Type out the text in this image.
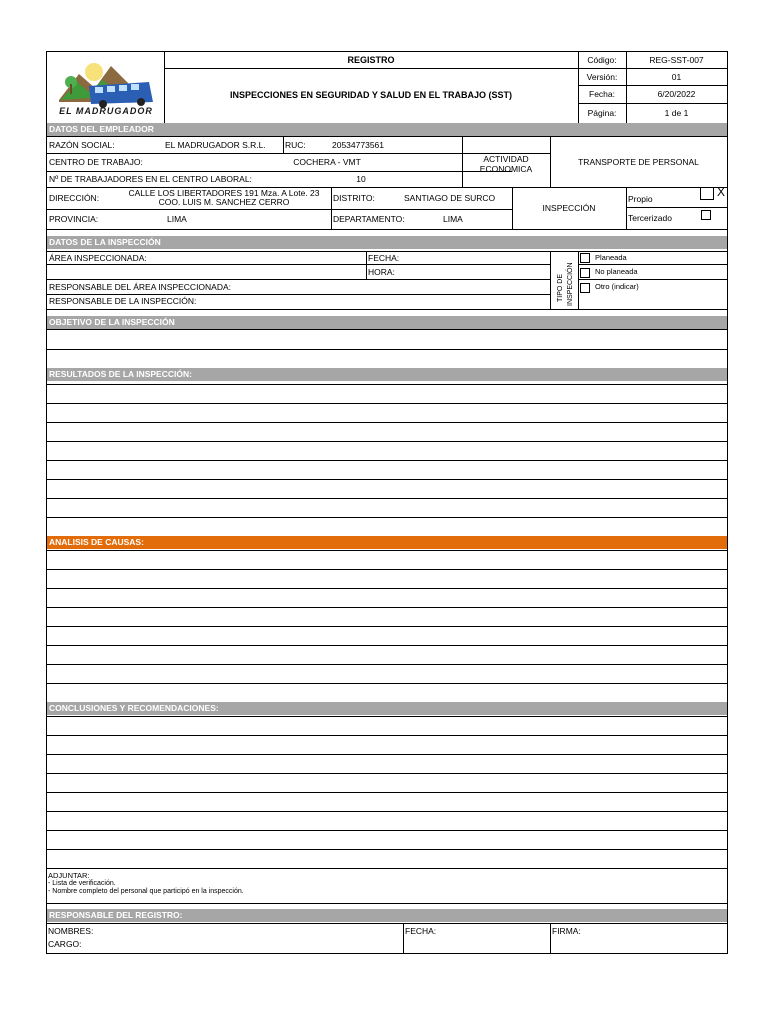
EL MADRUGADOR
REGISTRO
INSPECCIONES EN SEGURIDAD Y SALUD EN EL TRABAJO (SST)
Código:	REG-SST-007
Versión:	01
Fecha:	6/20/2022
Página:	1 de 1
DATOS DEL EMPLEADOR
RAZÓN SOCIAL:	EL MADRUGADOR S.R.L. RUC:	20534773561
ACTIVIDAD ECONOMICA
TRANSPORTE DE PERSONAL
CENTRO DE TRABAJO:	COCHERA - VMT
Nº DE TRABAJADORES EN EL CENTRO LABORAL:	10
DIRECCIÓN:	CALLE LOS LIBERTADORES 191 Mza. A Lote. 23
COO. LUIS M. SANCHEZ CERRO	DISTRITO:	SANTIAGO DE SURCO
INSPECCIÓN
Propio	X
Tercerizado
PROVINCIA:	LIMA	DEPARTAMENTO:	LIMA
DATOS DE LA INSPECCIÓN
ÁREA INSPECCIONADA:	FECHA:
HORA:
RESPONSABLE DEL ÁREA INSPECCIONADA:
RESPONSABLE DE LA INSPECCIÓN:	TIPO DE INSPECCIÓN
Planeada
No planeada
Otro (indicar)
OBJETIVO DE LA INSPECCIÓN
RESULTADOS DE LA INSPECCIÓN:
ANALISIS DE CAUSAS:
CONCLUSIONES Y RECOMENDACIONES:
ADJUNTAR:
- Lista de verificación.
- Nombre completo del personal que participó en la inspección.
RESPONSABLE DEL REGISTRO:
NOMBRES:
CARGO:
FECHA:	FIRMA:
